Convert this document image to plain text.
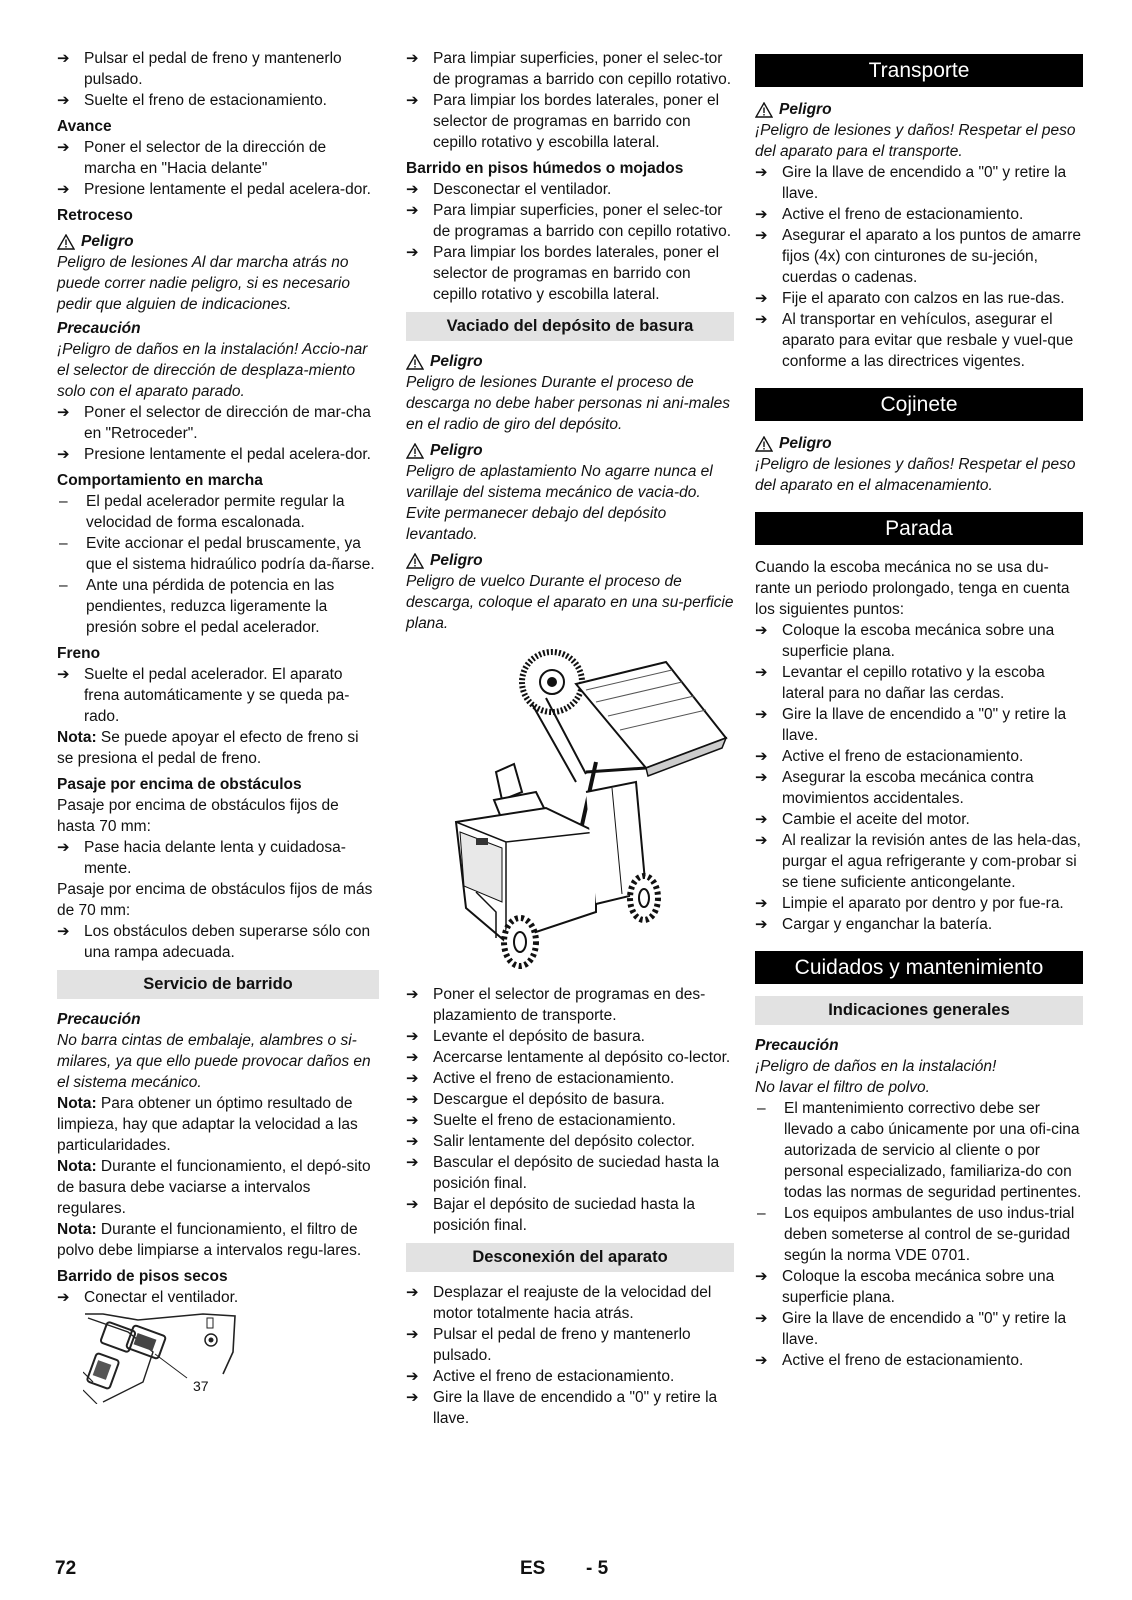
➔ Pulsar el pedal de freno y mantenerlo pulsado.
➔ Suelte el freno de estacionamiento.
Avance
➔ Poner el selector de la dirección de marcha en "Hacia delante"
➔ Presione lentamente el pedal acelera-dor.
Retroceso
Peligro
Peligro de lesiones Al dar marcha atrás no puede correr nadie peligro, si es necesario pedir que alguien de indicaciones.
Precaución
¡Peligro de daños en la instalación! Accio-nar el selector de dirección de desplaza-miento solo con el aparato parado.
➔ Poner el selector de dirección de mar-cha en "Retroceder".
➔ Presione lentamente el pedal acelera-dor.
Comportamiento en marcha
–	El pedal acelerador permite regular la velocidad de forma escalonada.
–	Evite accionar el pedal bruscamente, ya que el sistema hidraúlico podría da-ñarse.
–	Ante una pérdida de potencia en las pendientes, reduzca ligeramente la presión sobre el pedal acelerador.
Freno
➔ Suelte el pedal acelerador. El aparato frena automáticamente y se queda pa-rado.
Nota: Se puede apoyar el efecto de freno si se presiona el pedal de freno.
Pasaje por encima de obstáculos
Pasaje por encima de obstáculos fijos de hasta 70 mm:
➔ Pase hacia delante lenta y cuidadosa-mente.
Pasaje por encima de obstáculos fijos de más de 70 mm:
➔ Los obstáculos deben superarse sólo con una rampa adecuada.
Servicio de barrido
Precaución
No barra cintas de embalaje, alambres o si-milares, ya que ello puede provocar daños en el sistema mecánico.
Nota: Para obtener un óptimo resultado de limpieza, hay que adaptar la velocidad a las particularidades.
Nota: Durante el funcionamiento, el depó-sito de basura debe vaciarse a intervalos regulares.
Nota: Durante el funcionamiento, el filtro de polvo debe limpiarse a intervalos regu-lares.
Barrido de pisos secos
➔ Conectar el ventilador.
37
➔ Para limpiar superficies, poner el selec-tor de programas a barrido con cepillo rotativo.
➔ Para limpiar los bordes laterales, poner el selector de programas en barrido con cepillo rotativo y escobilla lateral.
Barrido en pisos húmedos o mojados
➔ Desconectar el ventilador.
➔ Para limpiar superficies, poner el selec-tor de programas a barrido con cepillo rotativo.
➔ Para limpiar los bordes laterales, poner el selector de programas en barrido con cepillo rotativo y escobilla lateral.
Vaciado del depósito de basura
Peligro
Peligro de lesiones Durante el proceso de descarga no debe haber personas ni ani-males en el radio de giro del depósito.
Peligro
Peligro de aplastamiento No agarre nunca el varillaje del sistema mecánico de vacia-do. Evite permanecer debajo del depósito levantado.
Peligro
Peligro de vuelco Durante el proceso de descarga, coloque el aparato en una su-perficie plana.
➔ Poner el selector de programas en des-plazamiento de transporte.
➔ Levante el depósito de basura.
➔ Acercarse lentamente al depósito co-lector.
➔ Active el freno de estacionamiento.
➔ Descargue el depósito de basura.
➔ Suelte el freno de estacionamiento.
➔ Salir lentamente del depósito colector.
➔ Bascular el depósito de suciedad hasta la posición final.
➔ Bajar el depósito de suciedad hasta la posición final.
Desconexión del aparato
➔ Desplazar el reajuste de la velocidad del motor totalmente hacia atrás.
➔ Pulsar el pedal de freno y mantenerlo pulsado.
➔ Active el freno de estacionamiento.
➔ Gire la llave de encendido a "0" y retire la llave.
Transporte
Peligro
¡Peligro de lesiones y daños! Respetar el peso del aparato para el transporte.
➔ Gire la llave de encendido a "0" y retire la llave.
➔ Active el freno de estacionamiento.
➔ Asegurar el aparato a los puntos de amarre fijos (4x) con cinturones de su-jeción, cuerdas o cadenas.
➔ Fije el aparato con calzos en las rue-das.
➔ Al transportar en vehículos, asegurar el aparato para evitar que resbale y vuel-que conforme a las directrices vigentes.
Cojinete
Peligro
¡Peligro de lesiones y daños! Respetar el peso del aparato en el almacenamiento.
Parada
Cuando la escoba mecánica no se usa du-rante un periodo prolongado, tenga en cuenta los siguientes puntos:
➔ Coloque la escoba mecánica sobre una superficie plana.
➔ Levantar el cepillo rotativo y la escoba lateral para no dañar las cerdas.
➔ Gire la llave de encendido a "0" y retire la llave.
➔ Active el freno de estacionamiento.
➔ Asegurar la escoba mecánica contra movimientos accidentales.
➔ Cambie el aceite del motor.
➔ Al realizar la revisión antes de las hela-das, purgar el agua refrigerante y com-probar si se tiene suficiente anticongelante.
➔ Limpie el aparato por dentro y por fue-ra.
➔ Cargar y enganchar la batería.
Cuidados y mantenimiento
Indicaciones generales
Precaución
¡Peligro de daños en la instalación!
No lavar el filtro de polvo.
–	El mantenimiento correctivo debe ser llevado a cabo únicamente por una ofi-cina autorizada de servicio al cliente o por personal especializado, familiariza-do con todas las normas de seguridad pertinentes.
–	Los equipos ambulantes de uso indus-trial deben someterse al control de se-guridad según la norma VDE 0701.
➔ Coloque la escoba mecánica sobre una superficie plana.
➔ Gire la llave de encendido a "0" y retire la llave.
➔ Active el freno de estacionamiento.
72	ES - 5
